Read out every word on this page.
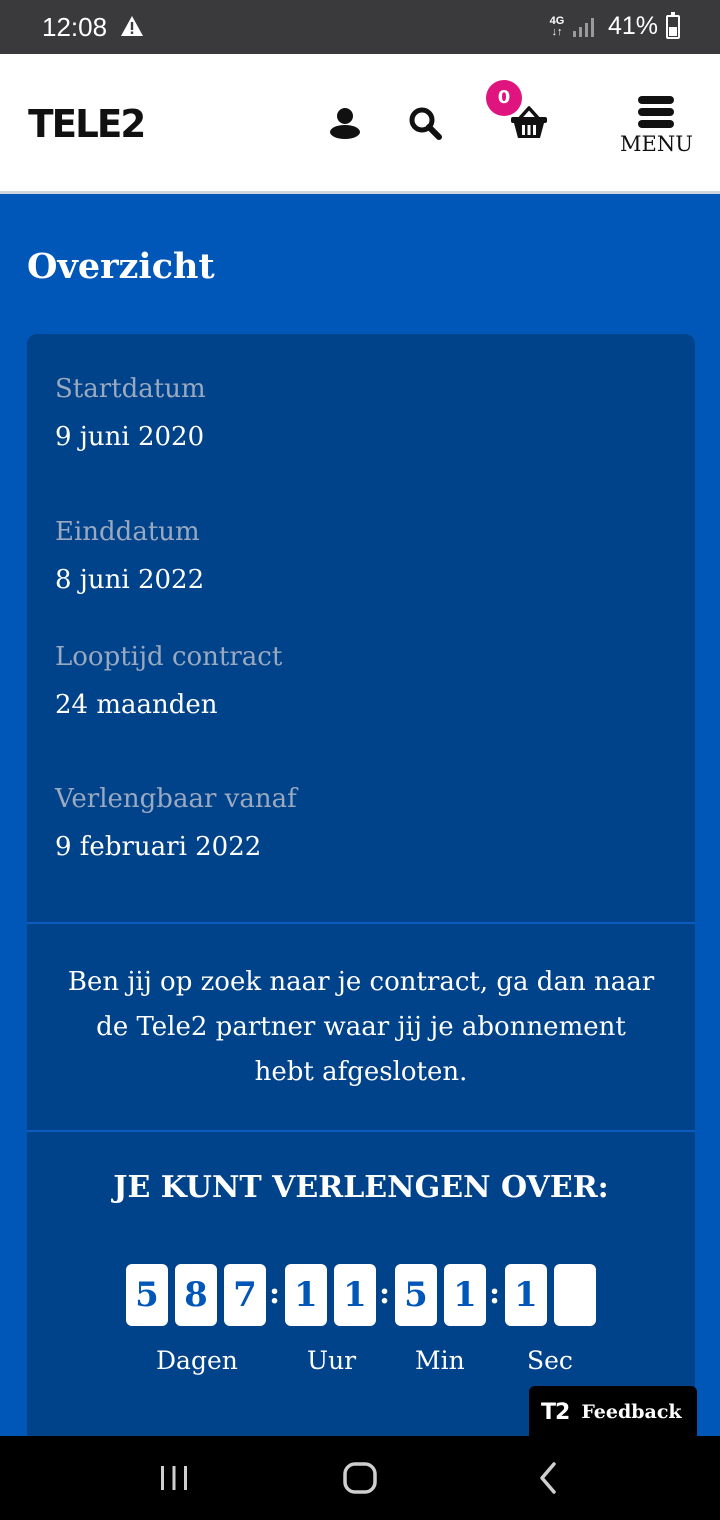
12:08	4G
↓↑ 41%
TELE2
0
MENU
Overzicht
Startdatum
9 juni 2020
Einddatum
8 juni 2022
Looptijd contract
24 maanden
Verlengbaar vanaf
9 februari 2022

Ben jij op zoek naar je contract, ga dan naar
de Tele2 partner waar jij je abonnement
hebt afgesloten.

JE KUNT VERLENGEN OVER:
5 8 7 : 1 1 : 5 1 : 1
Dagen	Uur Min Sec
T2 Feedback
